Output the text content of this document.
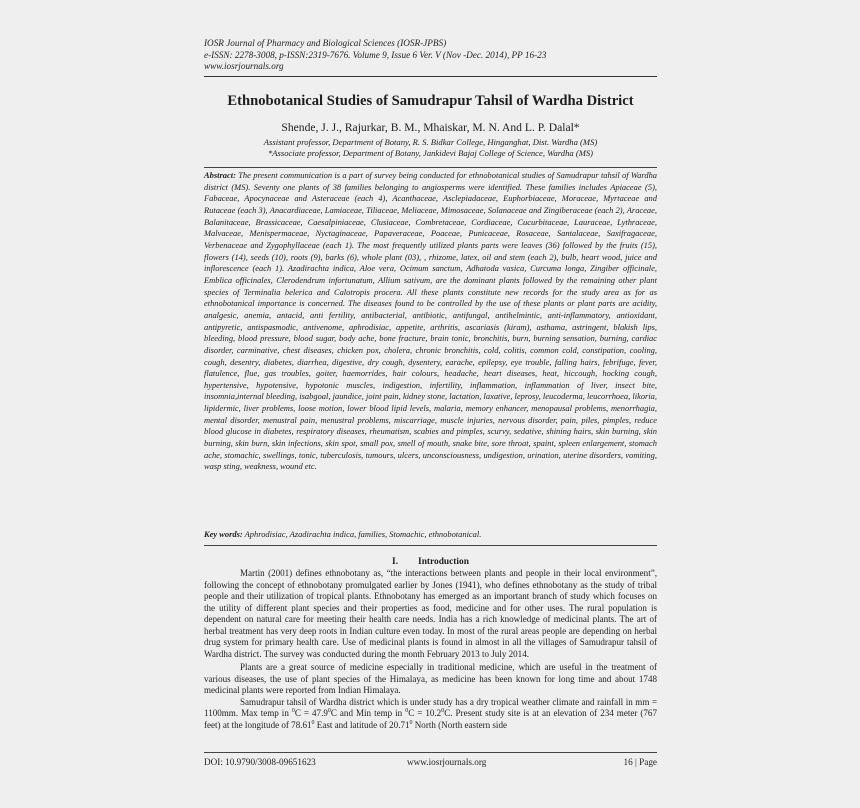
IOSR Journal of Pharmacy and Biological Sciences (IOSR-JPBS)
e-ISSN: 2278-3008, p-ISSN:2319-7676. Volume 9, Issue 6 Ver. V (Nov -Dec. 2014), PP 16-23
www.iosrjournals.org
Ethnobotanical Studies of Samudrapur Tahsil of Wardha District
Shende, J. J., Rajurkar, B. M., Mhaiskar, M. N. And L. P. Dalal*
Assistant professor, Department of Botany, R. S. Bidkar College, Hinganghat, Dist. Wardha (MS)
*Associate professor, Department of Botany, Jankidevi Bajaj College of Science, Wardha (MS)
Abstract: The present communication is a part of survey being conducted for ethnobotanical studies of Samudrapur tahsil of Wardha district (MS). Seventy one plants of 38 families belonging to angiosperms were identified. These families includes Apiaceae (5), Fabaceae, Apocynaceae and Asteraceae (each 4), Acanthaceae, Asclepiadaceae, Euphorbiaceae, Moraceae, Myrtaceae and Rutaceae (each 3), Anacardiaceae, Lamiaceae, Tiliaceae, Meliaceae, Mimosaceae, Solanaceae and Zingiberaceae (each 2), Araceae, Balanitaceae, Brassicaceae, Caesalpiniaceae, Clusiaceae, Combretaceae, Cordiaceae, Cucurbitaceae, Lauraceae, Lythraceae, Malvaceae, Menispermaceae, Nyctaginaceae, Papaveraceae, Poaceae, Punicaceae, Rosaceae, Santalaceae, Saxifragaceae, Verbenaceae and Zygophyllaceae (each 1). The most frequently utilized plants parts were leaves (36) followed by the fruits (15), flowers (14), seeds (10), roots (9), barks (6), whole plant (03), , rhizome, latex, oil and stem (each 2), bulb, heart wood, juice and inflorescence (each 1). Azadirachta indica, Aloe vera, Ocimum sanctum, Adhatoda vasica, Curcuma longa, Zingiber officinale, Emblica officinales, Clerodendrum infortunatum, Allium sativum, are the dominant plants followed by the remaining other plant species of Terminalia belerica and Calotropis procera. All these plants constitute new records for the study area as for as ethnobotanical importance is concerned. The diseases found to be controlled by the use of these plants or plant parts are acidity, analgesic, anemia, antacid, anti fertility, antibacterial, antibiotic, antifungal, antihelmintic, anti-inflammatory, antioxidant, antipyretic, antispasmodic, antivenome, aphrodisiac, appetite, arthritis, ascariasis (kiram), asthama, astringent, blakish lips, bleeding, blood pressure, blood sugar, body ache, bone fracture, brain tonic, bronchitis, burn, burning sensation, burning, cardiac disorder, carminative, chest diseases, chicken pox, cholera, chronic bronchitis, cold, colitis, common cold, constipation, cooling, cough, desentry, diabetes, diarrhea, digestive, dry cough, dysentery, earache, epilepsy, eye trouble, falling hairs, febrifuge, fever, flatulence, flue, gas troubles, goiter, haemorrides, hair colours, headache, heart diseases, heat, hiccough, hocking cough, hypertensive, hypotensive, hypotonic muscles, indigestion, infertility, inflammation, inflammation of liver, insect bite, insomnia,internal bleeding, isabgoal, jaundice, joint pain, kidney stone, lactation, laxative, leprosy, leucoderma, leucorrhoea, likoria, lipidermic, liver problems, loose motion, lower blood lipid levels, malaria, memory enhancer, menopausal problems, menorrhagia, mental disorder, menustral pain, menustral problems, miscarriage, muscle injuries, nervous disorder, pain, piles, pimples, reduce blood glucose in diabetes, respiratory diseases, rheumatism, scabies and pimples, scurvy, sedative, shining hairs, skin burning, skin burning, skin burn, skin infections, skin spot, small pox, smell of mouth, snake bite, sore throat, spaint, spleen enlargement, stomach ache, stomachic, swellings, tonic, tuberculosis, tumours, ulcers, unconsciousness, undigestion, urination, uterine disorders, vomiting, wasp sting, weakness, wound etc.
Key words: Aphrodisiac, Azadirachta indica, families, Stomachic, ethnobotanical.
I. Introduction

Martin (2001) defines ethnobotany as, “the interactions between plants and people in their local environment”, following the concept of ethnobotany promulgated earlier by Jones (1941), who defines ethnobotany as the study of tribal people and their utilization of tropical plants. Ethnobotany has emerged as an important branch of study which focuses on the utility of different plant species and their properties as food, medicine and for other uses. The rural population is dependent on natural care for meeting their health care needs. India has a rich knowledge of medicinal plants. The art of herbal treatment has very deep roots in Indian culture even today. In most of the rural areas people are depending on herbal drug system for primary health care. Use of medicinal plants is found in almost in all the villages of Samudrapur tahsil of Wardha district. The survey was conducted during the month February 2013 to July 2014.

Plants are a great source of medicine especially in traditional medicine, which are useful in the treatment of various diseases, the use of plant species of the Himalaya, as medicine has been known for long time and about 1748 medicinal plants were reported from Indian Himalaya.

Samudrapur tahsil of Wardha district which is under study has a dry tropical weather climate and rainfall in mm = 1100mm. Max temp in $^0C = 47.9^0C$ and Min temp in $^0C = 10.2^0C$. Present study site is at an elevation of 234 meter (767 feet) at the longitude of 78.61$^0$ East and latitude of 20.71$^0$ North (North eastern side

DOI: 10.9790/3008-09651623	www.iosrjournals.org	16 | Page
